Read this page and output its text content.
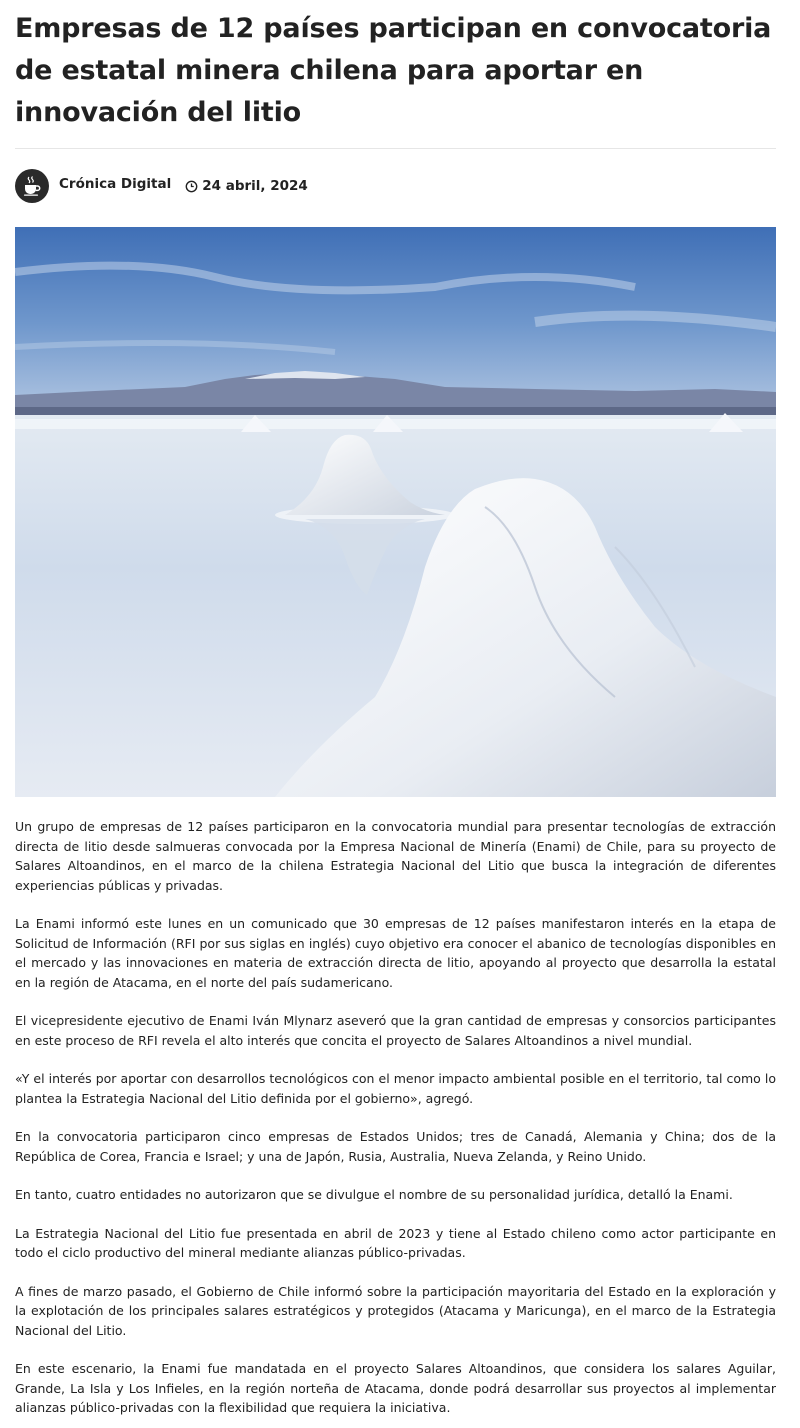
Empresas de 12 países participan en convocatoria de estatal minera chilena para aportar en innovación del litio
Crónica Digital 24 abril, 2024

Un grupo de empresas de 12 países participaron en la convocatoria mundial para presentar tecnologías de extracción directa de litio desde salmueras convocada por la Empresa Nacional de Minería (Enami) de Chile, para su proyecto de Salares Altoandinos, en el marco de la chilena Estrategia Nacional del Litio que busca la integración de diferentes experiencias públicas y privadas.

La Enami informó este lunes en un comunicado que 30 empresas de 12 países manifestaron interés en la etapa de Solicitud de Información (RFI por sus siglas en inglés) cuyo objetivo era conocer el abanico de tecnologías disponibles en el mercado y las innovaciones en materia de extracción directa de litio, apoyando al proyecto que desarrolla la estatal en la región de Atacama, en el norte del país sudamericano.

El vicepresidente ejecutivo de Enami Iván Mlynarz aseveró que la gran cantidad de empresas y consorcios participantes en este proceso de RFI revela el alto interés que concita el proyecto de Salares Altoandinos a nivel mundial.

«Y el interés por aportar con desarrollos tecnológicos con el menor impacto ambiental posible en el territorio, tal como lo plantea la Estrategia Nacional del Litio definida por el gobierno», agregó.

En la convocatoria participaron cinco empresas de Estados Unidos; tres de Canadá, Alemania y China; dos de la República de Corea, Francia e Israel; y una de Japón, Rusia, Australia, Nueva Zelanda, y Reino Unido.

En tanto, cuatro entidades no autorizaron que se divulgue el nombre de su personalidad jurídica, detalló la Enami.

La Estrategia Nacional del Litio fue presentada en abril de 2023 y tiene al Estado chileno como actor participante en todo el ciclo productivo del mineral mediante alianzas público-privadas.

A fines de marzo pasado, el Gobierno de Chile informó sobre la participación mayoritaria del Estado en la exploración y la explotación de los principales salares estratégicos y protegidos (Atacama y Maricunga), en el marco de la Estrategia Nacional del Litio.

En este escenario, la Enami fue mandatada en el proyecto Salares Altoandinos, que considera los salares Aguilar, Grande, La Isla y Los Infieles, en la región norteña de Atacama, donde podrá desarrollar sus proyectos al implementar alianzas público-privadas con la flexibilidad que requiera la iniciativa.
